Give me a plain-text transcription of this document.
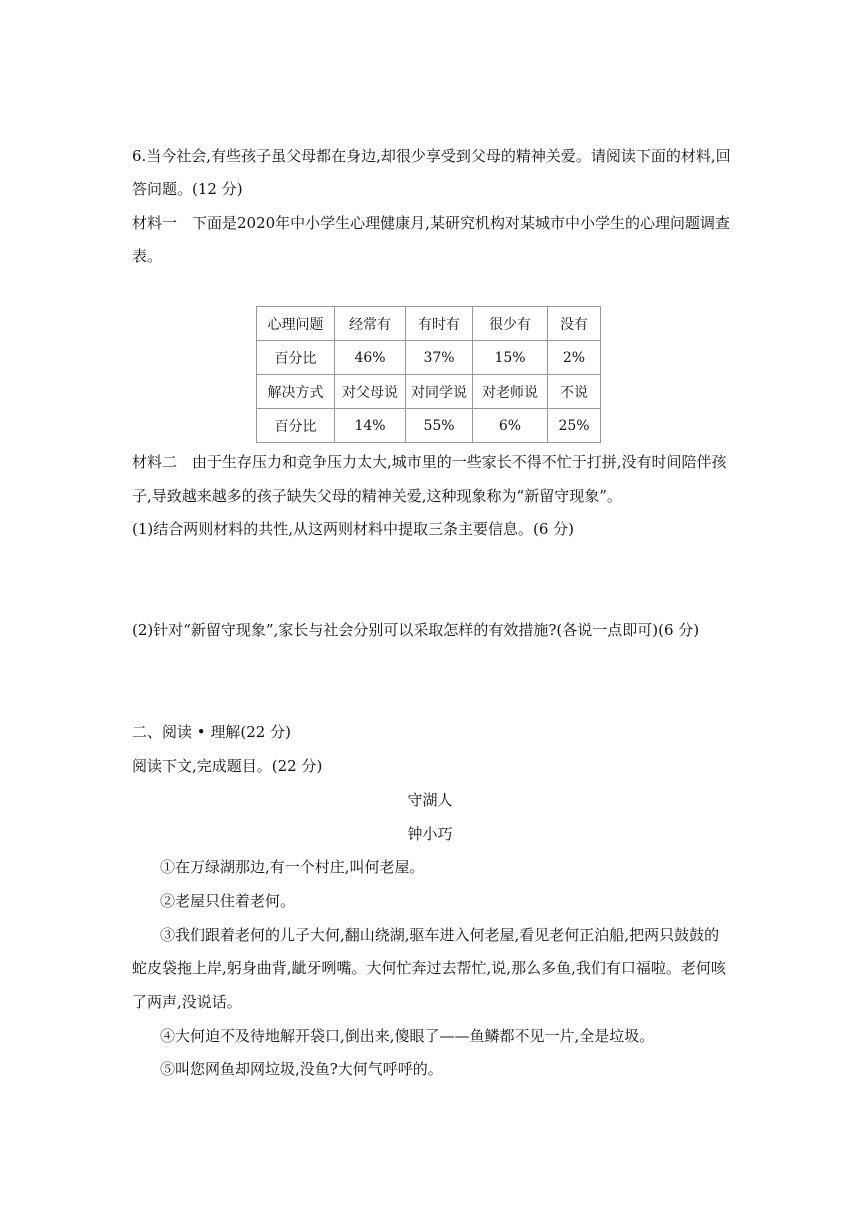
6.当今社会,有些孩子虽父母都在身边,却很少享受到父母的精神关爱。请阅读下面的材料,回
答问题。(12 分)
材料一　下面是2020年中小学生心理健康月,某研究机构对某城市中小学生的心理问题调查
表。
心理问题	经常有	有时有	很少有	没有
百分比	46%	37%	15%	2%
解决方式	对父母说	对同学说	对老师说	不说
百分比	14%	55%	6%	25%
材料二　由于生存压力和竞争压力太大,城市里的一些家长不得不忙于打拼,没有时间陪伴孩
子,导致越来越多的孩子缺失父母的精神关爱,这种现象称为“新留守现象”。
(1)结合两则材料的共性,从这两则材料中提取三条主要信息。(6 分)
(2)针对“新留守现象”,家长与社会分别可以采取怎样的有效措施?(各说一点即可)(6 分)
二、阅读 • 理解(22 分)
阅读下文,完成题目。(22 分)
守湖人
钟小巧
①在万绿湖那边,有一个村庄,叫何老屋。
②老屋只住着老何。
③我们跟着老何的儿子大何,翻山绕湖,驱车进入何老屋,看见老何正泊船,把两只鼓鼓的
蛇皮袋拖上岸,躬身曲背,龇牙咧嘴。大何忙奔过去帮忙,说,那么多鱼,我们有口福啦。老何咳
了两声,没说话。
④大何迫不及待地解开袋口,倒出来,傻眼了——鱼鳞都不见一片,全是垃圾。
⑤叫您网鱼却网垃圾,没鱼?大何气呼呼的。
